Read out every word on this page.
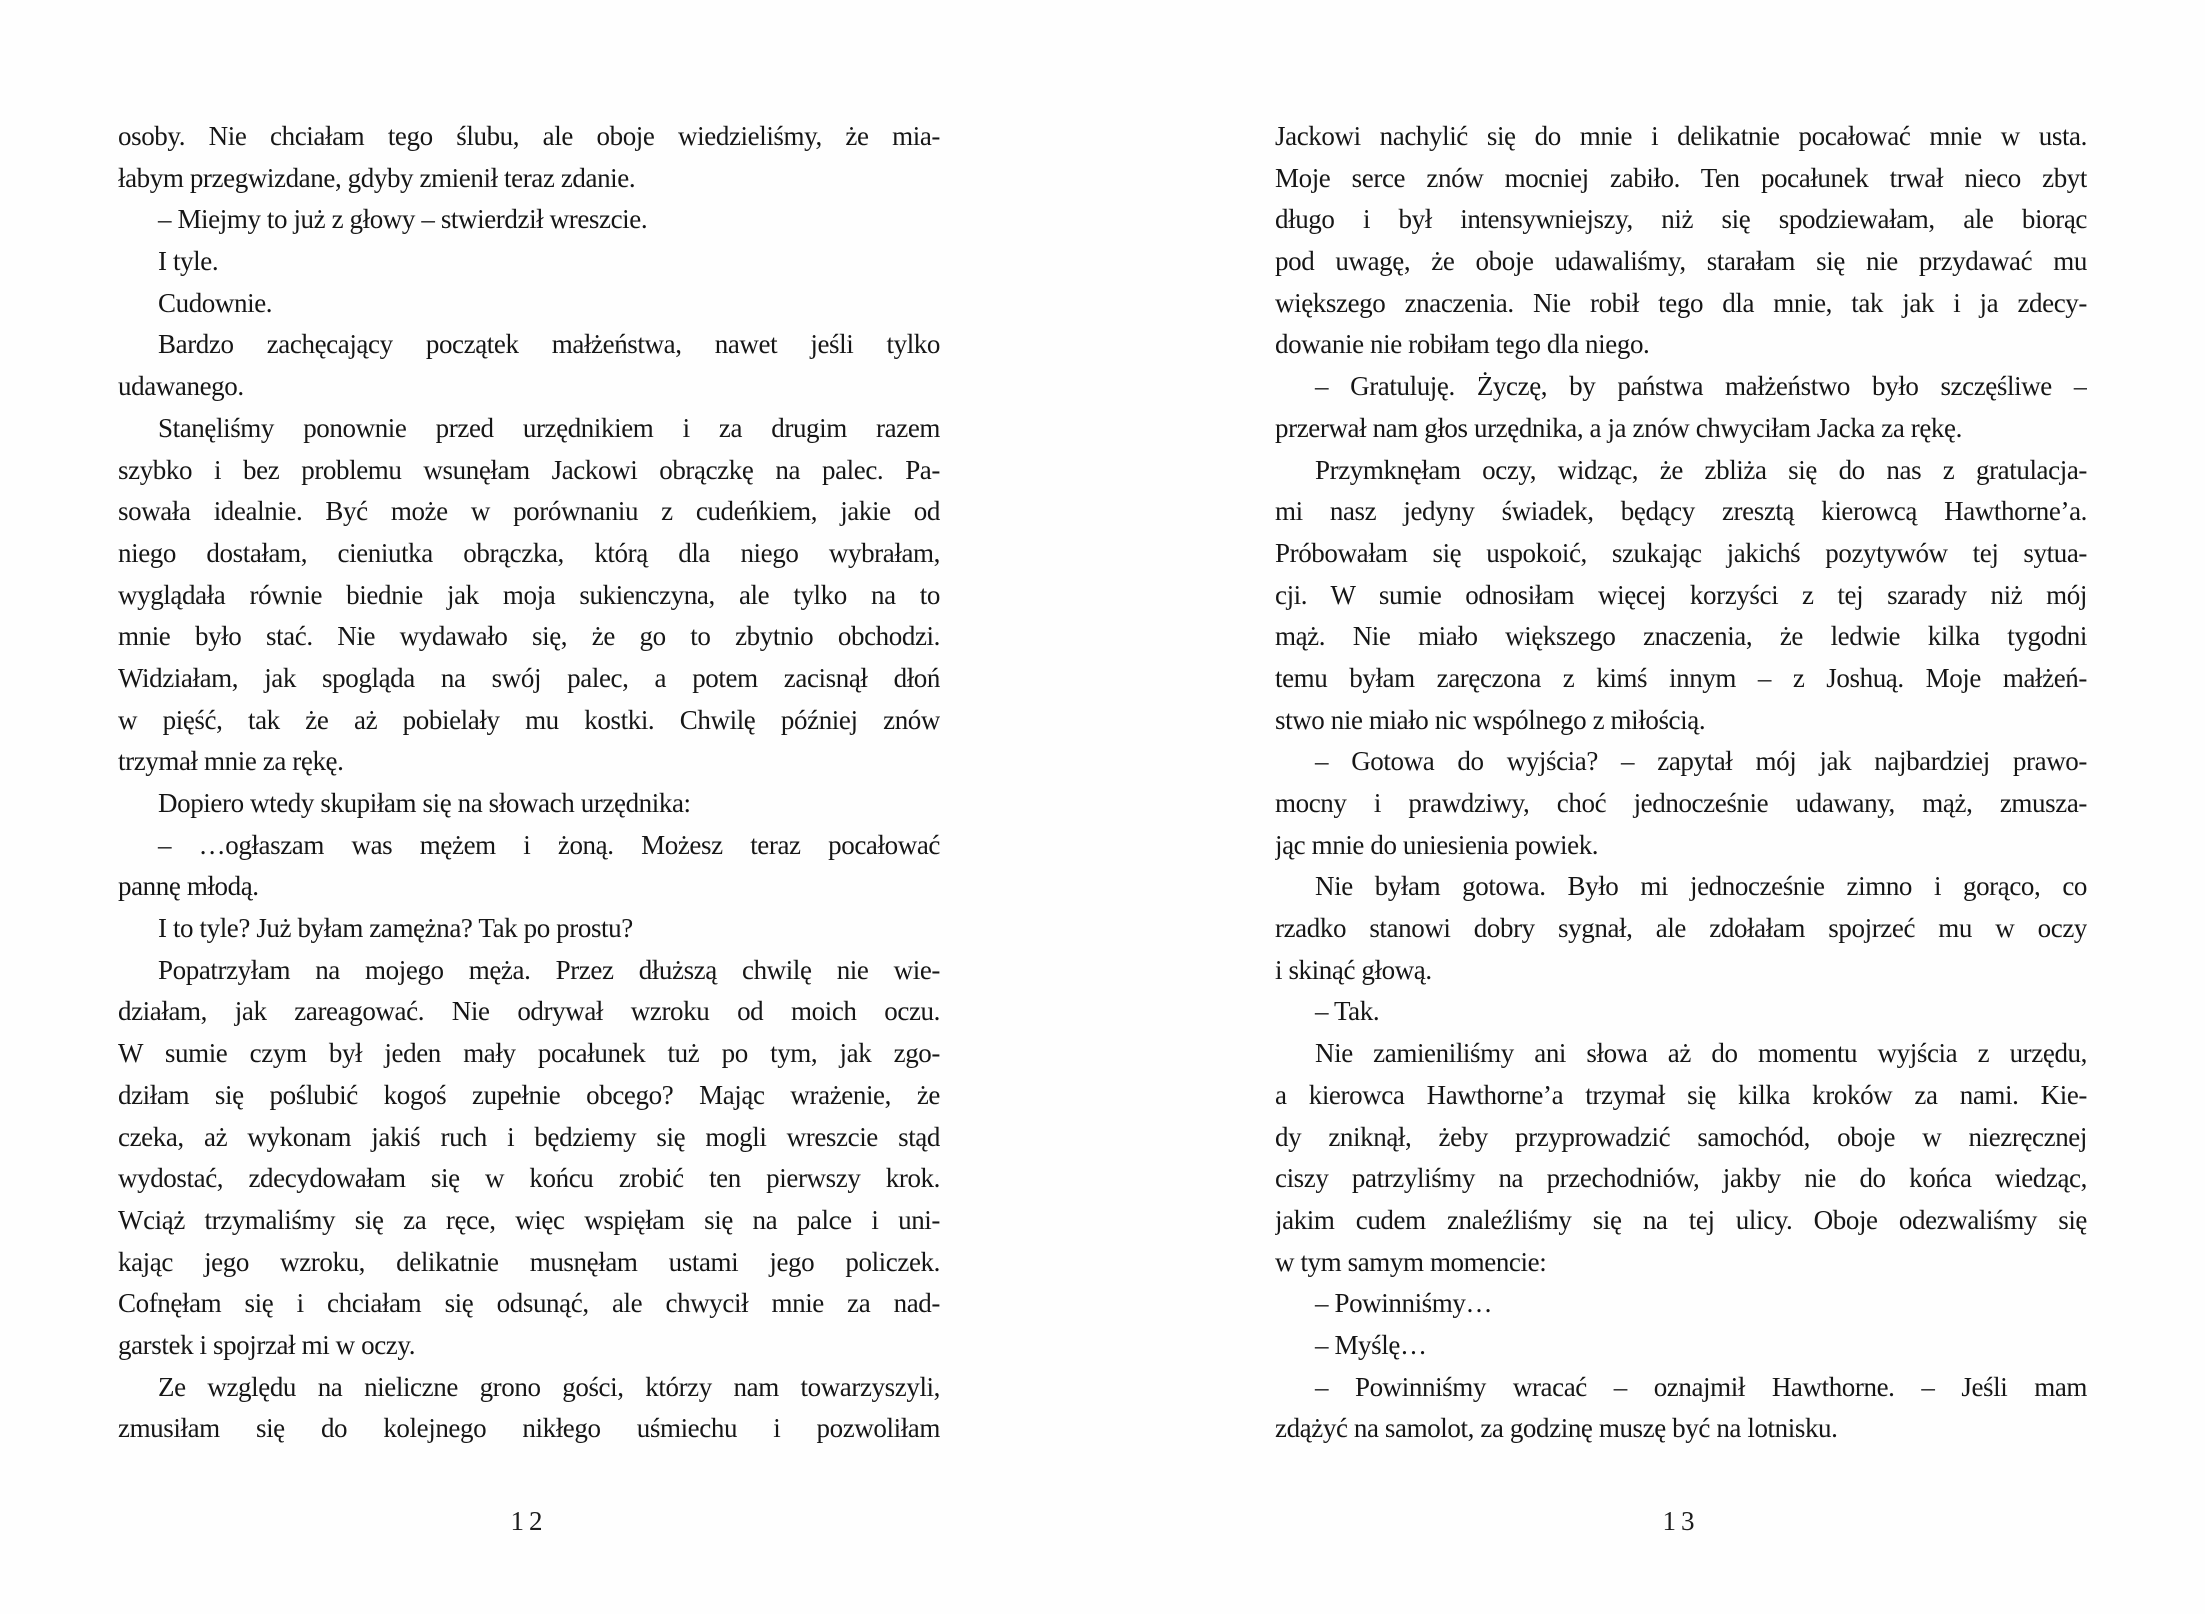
osoby. Nie chciałam tego ślubu, ale oboje wiedzieliśmy, że mia-
łabym przegwizdane, gdyby zmienił teraz zdanie.
– Miejmy to już z głowy – stwierdził wreszcie.
I tyle.
Cudownie.
Bardzo zachęcający początek małżeństwa, nawet jeśli tylko
udawanego.
Stanęliśmy ponownie przed urzędnikiem i za drugim razem
szybko i bez problemu wsunęłam Jackowi obrączkę na palec. Pa-
sowała idealnie. Być może w porównaniu z cudeńkiem, jakie od
niego dostałam, cieniutka obrączka, którą dla niego wybrałam,
wyglądała równie biednie jak moja sukienczyna, ale tylko na to
mnie było stać. Nie wydawało się, że go to zbytnio obchodzi.
Widziałam, jak spogląda na swój palec, a potem zacisnął dłoń
w pięść, tak że aż pobielały mu kostki. Chwilę później znów
trzymał mnie za rękę.
Dopiero wtedy skupiłam się na słowach urzędnika:
– …ogłaszam was mężem i żoną. Możesz teraz pocałować
pannę młodą.
I to tyle? Już byłam zamężna? Tak po prostu?
Popatrzyłam na mojego męża. Przez dłuższą chwilę nie wie-
działam, jak zareagować. Nie odrywał wzroku od moich oczu.
W sumie czym był jeden mały pocałunek tuż po tym, jak zgo-
dziłam się poślubić kogoś zupełnie obcego? Mając wrażenie, że
czeka, aż wykonam jakiś ruch i będziemy się mogli wreszcie stąd
wydostać, zdecydowałam się w końcu zrobić ten pierwszy krok.
Wciąż trzymaliśmy się za ręce, więc wspięłam się na palce i uni-
kając jego wzroku, delikatnie musnęłam ustami jego policzek.
Cofnęłam się i chciałam się odsunąć, ale chwycił mnie za nad-
garstek i spojrzał mi w oczy.
Ze względu na nieliczne grono gości, którzy nam towarzyszyli,
zmusiłam się do kolejnego nikłego uśmiechu i pozwoliłam
Jackowi nachylić się do mnie i delikatnie pocałować mnie w usta.
Moje serce znów mocniej zabiło. Ten pocałunek trwał nieco zbyt
długo i był intensywniejszy, niż się spodziewałam, ale biorąc
pod uwagę, że oboje udawaliśmy, starałam się nie przydawać mu
większego znaczenia. Nie robił tego dla mnie, tak jak i ja zdecy-
dowanie nie robiłam tego dla niego.
– Gratuluję. Życzę, by państwa małżeństwo było szczęśliwe –
przerwał nam głos urzędnika, a ja znów chwyciłam Jacka za rękę.
Przymknęłam oczy, widząc, że zbliża się do nas z gratulacja-
mi nasz jedyny świadek, będący zresztą kierowcą Hawthorne’a.
Próbowałam się uspokoić, szukając jakichś pozytywów tej sytua-
cji. W sumie odnosiłam więcej korzyści z tej szarady niż mój
mąż. Nie miało większego znaczenia, że ledwie kilka tygodni
temu byłam zaręczona z kimś innym – z Joshuą. Moje małżeń-
stwo nie miało nic wspólnego z miłością.
– Gotowa do wyjścia? – zapytał mój jak najbardziej prawo-
mocny i prawdziwy, choć jednocześnie udawany, mąż, zmusza-
jąc mnie do uniesienia powiek.
Nie byłam gotowa. Było mi jednocześnie zimno i gorąco, co
rzadko stanowi dobry sygnał, ale zdołałam spojrzeć mu w oczy
i skinąć głową.
– Tak.
Nie zamieniliśmy ani słowa aż do momentu wyjścia z urzędu,
a kierowca Hawthorne’a trzymał się kilka kroków za nami. Kie-
dy zniknął, żeby przyprowadzić samochód, oboje w niezręcznej
ciszy patrzyliśmy na przechodniów, jakby nie do końca wiedząc,
jakim cudem znaleźliśmy się na tej ulicy. Oboje odezwaliśmy się
w tym samym momencie:
– Powinniśmy…
– Myślę…
– Powinniśmy wracać – oznajmił Hawthorne. – Jeśli mam
zdążyć na samolot, za godzinę muszę być na lotnisku.
12	13
